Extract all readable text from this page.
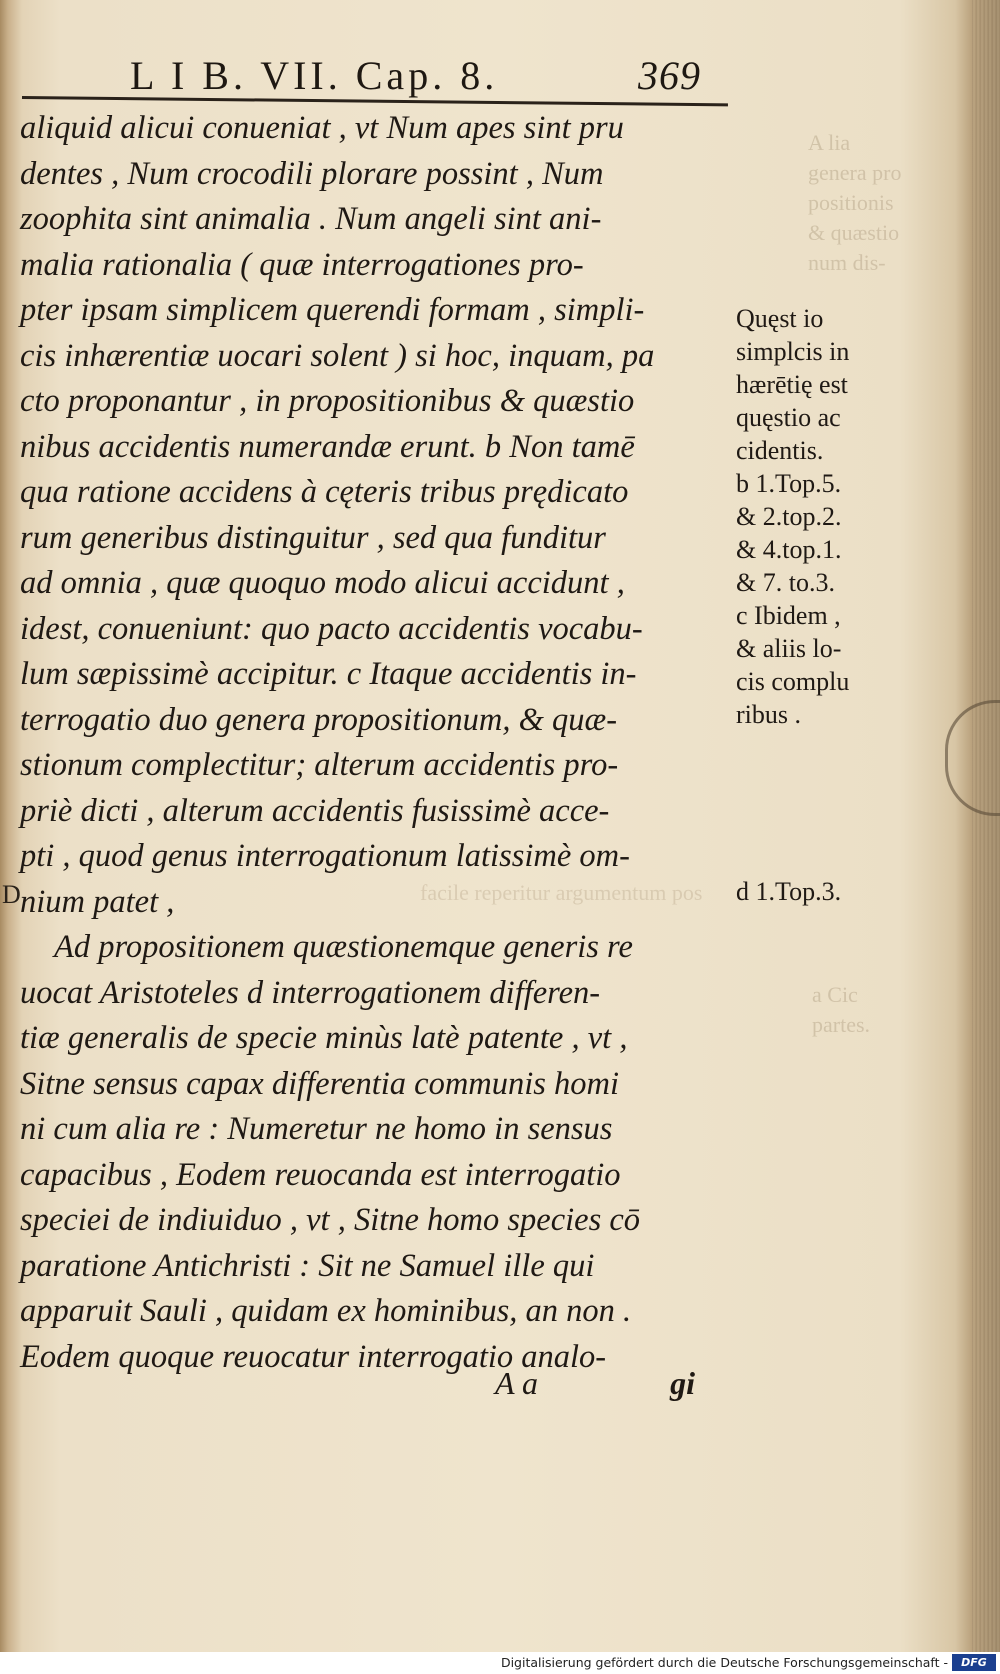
A lia
genera pro
positionis
& quæstio
num dis-
a Cic
partes.
facile reperitur argumentum pos
L I B. VII. Cap. 8.	369
aliquid alicui conueniat , vt Num apes sint pru
dentes , Num crocodili plorare possint , Num
zoophita sint animalia . Num angeli sint ani-
malia rationalia ( quæ interrogationes pro-
pter ipsam simplicem querendi formam , simpli-
cis inhærentiæ uocari solent ) si hoc, inquam, pa
cto proponantur , in propositionibus & quæstio
nibus accidentis numerandæ erunt. b Non tamē
qua ratione accidens à cęteris tribus prędicato
rum generibus distinguitur , sed qua funditur
ad omnia , quæ quoquo modo alicui accidunt ,
idest, conueniunt: quo pacto accidentis vocabu-
lum sæpissimè accipitur. c Itaque accidentis in-
terrogatio duo genera propositionum, & quæ-
stionum complectitur; alterum accidentis pro-
priè dicti , alterum accidentis fusissimè acce-
pti , quod genus interrogationum latissimè om-
nium patet ,
Ad propositionem quæstionemque generis re
uocat Aristoteles d interrogationem differen-
tiæ generalis de specie minùs latè patente , vt ,
Sitne sensus capax differentia communis homi
ni cum alia re : Numeretur ne homo in sensus
capacibus , Eodem reuocanda est interrogatio
speciei de indiuiduo , vt , Sitne homo species cō
paratione Antichristi : Sit ne Samuel ille qui
apparuit Sauli , quidam ex hominibus, an non .
Eodem quoque reuocatur interrogatio analo-
Quęst io
simplcis in
hærētię est
quęstio ac
cidentis.
b 1.Top.5.
& 2.top.2.
& 4.top.1.
& 7. to.3.
c Ibidem ,
& aliis lo-
cis complu
ribus .
d 1.Top.3.
D
A a	gi
Digitalisierung gefördert durch die Deutsche Forschungsgemeinschaft -	DFG
